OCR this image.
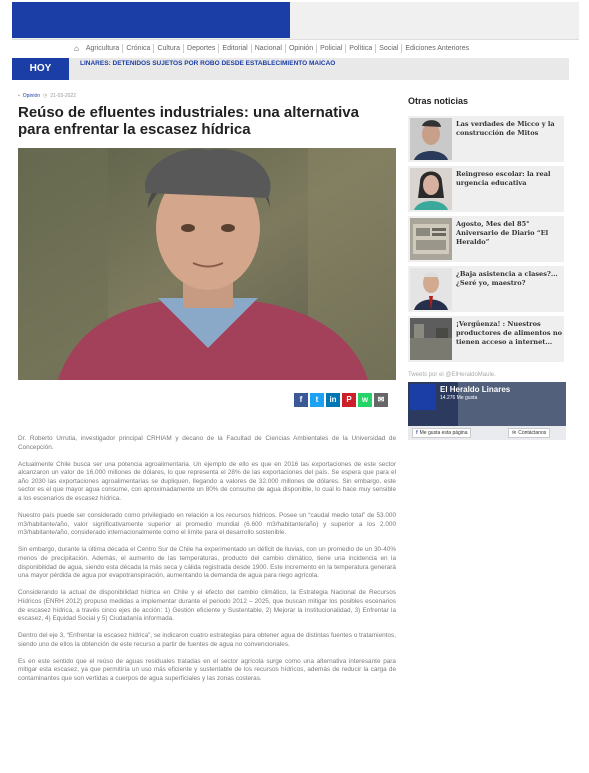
⌂	Agricultura	Crónica	Cultura	Deportes	Editorial	Nacional	Opinión	Policial	Política	Social	Ediciones Anteriores
HOY	LINARES: DETENIDOS SUJETOS POR ROBO DESDE ESTABLECIMIENTO MAICAO
▪ Opinión ◷ 21-03-2022
Reúso de efluentes industriales: una alternativa para enfrentar la escasez hídrica
f	t	in	P	w	✉

Dr. Roberto Urrutia, investigador principal CRHIAM y decano de la Facultad de Ciencias Ambientales de la Universidad de Concepción.

Actualmente Chile busca ser una potencia agroalimentaria. Un ejemplo de ello es que en 2016 las exportaciones de este sector alcanzaron un valor de 16.000 millones de dólares, lo que representa el 28% de las exportaciones del país. Se espera que para el año 2030 las exportaciones agroalimentarias se dupliquen, llegando a valores de 32.000 millones de dólares. Sin embargo, este sector es el que mayor agua consume, con aproximadamente un 80% de consumo de agua disponible, lo cual lo hace muy sensible a los escenarios de escasez hídrica.

Nuestro país puede ser considerado como privilegiado en relación a los recursos hídricos. Posee un “caudal medio total” de 53.000 m3/habitante/año, valor significativamente superior al promedio mundial (6.600 m3/habitante/año) y superior a los 2.000 m3/habitante/año, considerado internacionalmente como el límite para el desarrollo sostenible.

Sin embargo, durante la última década el Centro Sur de Chile ha experimentado un déficit de lluvias, con un promedio de un 30-40% menos de precipitación. Además, el aumento de las temperaturas, producto del cambio climático, tiene una incidencia en la disponibilidad de agua, siendo esta década la más seca y cálida registrada desde 1900. Este incremento en la temperatura generará una mayor pérdida de agua por evapotranspiración, aumentando la demanda de agua para riego agrícola.

Considerando la actual de disponibilidad hídrica en Chile y el efecto del cambio climático, la Estrategia Nacional de Recursos Hídricos (ENRH 2012) propuso medidas a implementar durante el periodo 2012 – 2025, que buscan mitigar los posibles escenarios de escasez hídrica, a través cinco ejes de acción: 1) Gestión eficiente y Sustentable, 2) Mejorar la Institucionalidad, 3) Enfrentar la escasez, 4) Equidad Social y 5) Ciudadanía informada.

Dentro del eje 3, “Enfrentar la escasez hídrica”, se indicaron cuatro estrategias para obtener agua de distintas fuentes o tratamientos, siendo uno de ellos la obtención de este recurso a partir de fuentes de agua no convencionales.

Es en este sentido que el reúso de aguas residuales tratadas en el sector agrícola surge como una alternativa interesante para mitigar esta escasez, ya que permitiría un uso más eficiente y sustentable de los recursos hídricos, además de reducir la carga de contaminantes que son vertidas a cuerpos de agua superficiales y las zonas costeras.

Otras noticias
Las verdades de Micco y la construcción de Mitos
Reingreso escolar: la real urgencia educativa
Agosto, Mes del 85° Aniversario de Diario “El Heraldo”
¿Baja asistencia a clases?... ¿Seré yo, maestro?
¡Vergüenza! : Nuestros productores de alimentos no tienen acceso a internet...
Tweets por el @ElHeraldoMaule.
El Heraldo Linares
14.276 Me gusta
f Me gusta esta página	✉ Contáctanos
